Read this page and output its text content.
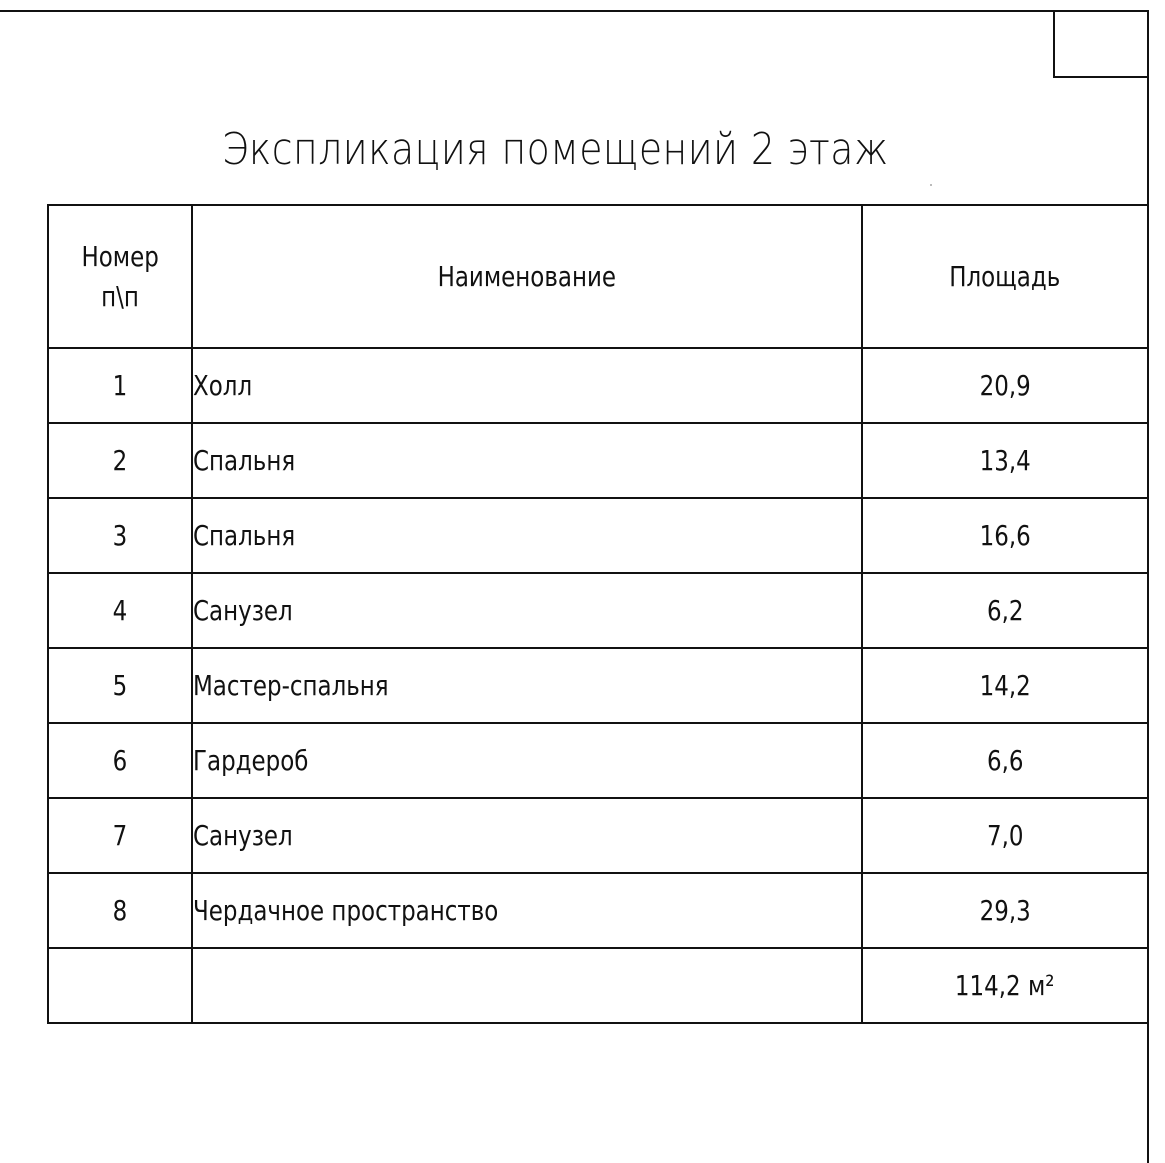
Экспликация помещений 2 этаж
Номер
п\п	Наименование	Площадь
1	Холл	20,9
2	Спальня	13,4
3	Спальня	16,6
4	Санузел	6,2
5	Мастер-спальня	14,2
6	Гардероб	6,6
7	Санузел	7,0
8	Чердачное пространство	29,3
		114,2 м²
